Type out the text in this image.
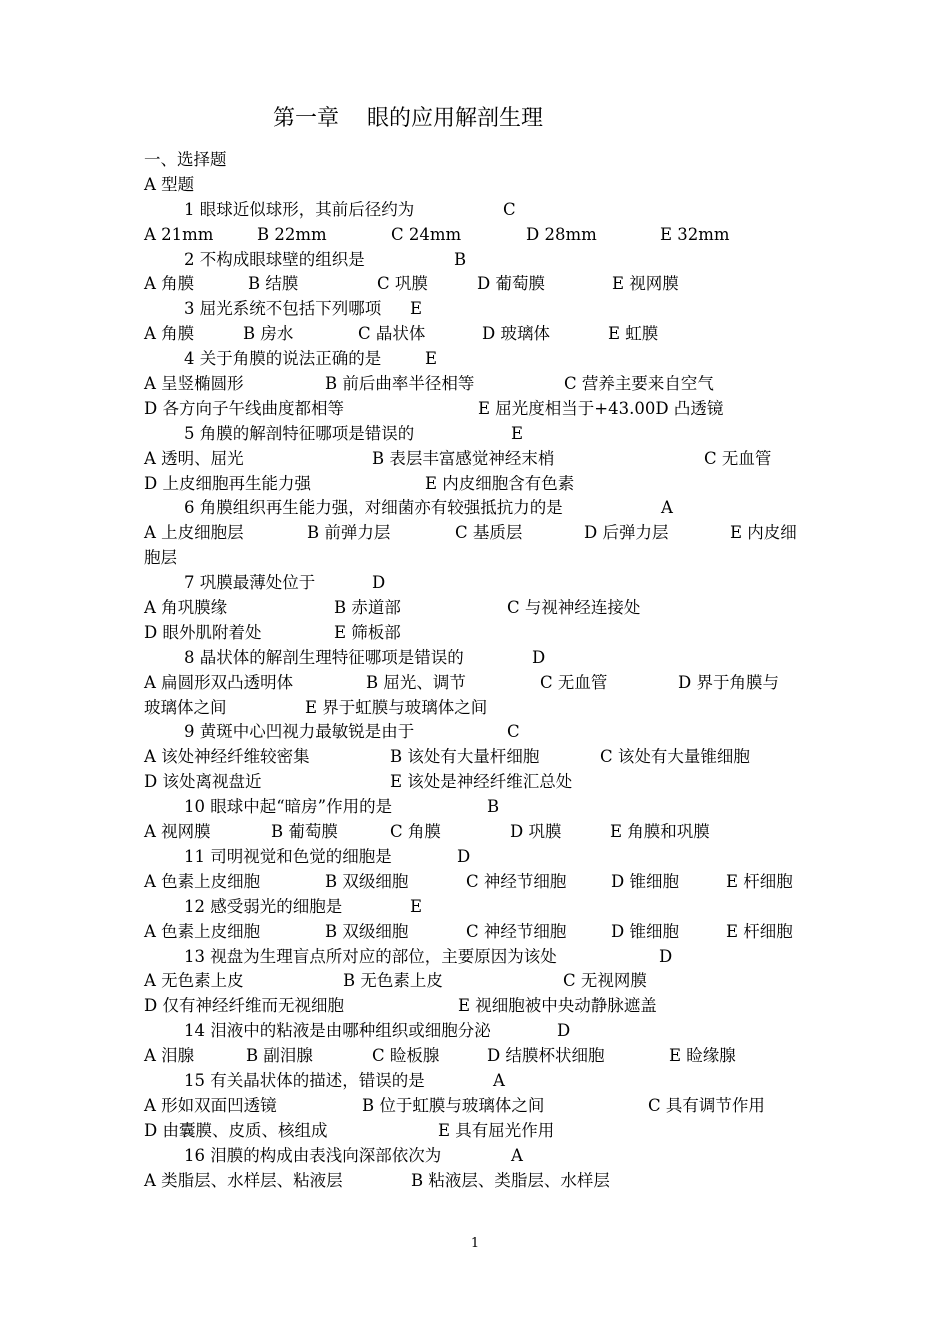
第一章    眼的应用解剖生理
一、选择题
A 型题
1 眼球近似球形，其前后径约为	C
A 21mm	B 22mm	C 24mm	D 28mm	E 32mm
2 不构成眼球壁的组织是	B
A 角膜	B 结膜	C 巩膜	D 葡萄膜	E 视网膜
3 屈光系统不包括下列哪项 E
A 角膜	B 房水	C 晶状体	D 玻璃体	E 虹膜
4 关于角膜的说法正确的是	E
A 呈竖椭圆形	B 前后曲率半径相等	C 营养主要来自空气
D 各方向子午线曲度都相等	E 屈光度相当于+43.00D 凸透镜
5 角膜的解剖特征哪项是错误的	E
A 透明、屈光	B 表层丰富感觉神经末梢	C 无血管
D 上皮细胞再生能力强	E 内皮细胞含有色素
6 角膜组织再生能力强，对细菌亦有较强抵抗力的是	A
A 上皮细胞层	B 前弹力层	C 基质层	D 后弹力层	E 内皮细
胞层
7 巩膜最薄处位于	D
A 角巩膜缘	B 赤道部	C 与视神经连接处
D 眼外肌附着处	E 筛板部
8 晶状体的解剖生理特征哪项是错误的	D
A 扁圆形双凸透明体	B 屈光、调节	C 无血管	D 界于角膜与
玻璃体之间	E 界于虹膜与玻璃体之间
9 黄斑中心凹视力最敏锐是由于	C
A 该处神经纤维较密集	B 该处有大量杆细胞	C 该处有大量锥细胞
D 该处离视盘近	E 该处是神经纤维汇总处
10 眼球中起“暗房”作用的是	B
A 视网膜	B 葡萄膜	C 角膜	D 巩膜	E 角膜和巩膜
11 司明视觉和色觉的细胞是	D
A 色素上皮细胞	B 双级细胞	C 神经节细胞	D 锥细胞	E 杆细胞
12 感受弱光的细胞是	E
A 色素上皮细胞	B 双级细胞	C 神经节细胞	D 锥细胞	E 杆细胞
13 视盘为生理盲点所对应的部位，主要原因为该处	D
A 无色素上皮	B 无色素上皮	C 无视网膜
D 仅有神经纤维而无视细胞	E 视细胞被中央动静脉遮盖
14 泪液中的粘液是由哪种组织或细胞分泌	D
A 泪腺	B 副泪腺	C 睑板腺	D 结膜杯状细胞	E 睑缘腺
15 有关晶状体的描述，错误的是	A
A 形如双面凹透镜	B 位于虹膜与玻璃体之间	C 具有调节作用
D 由囊膜、皮质、核组成	E 具有屈光作用
16 泪膜的构成由表浅向深部依次为	A
A 类脂层、水样层、粘液层	B 粘液层、类脂层、水样层
1
